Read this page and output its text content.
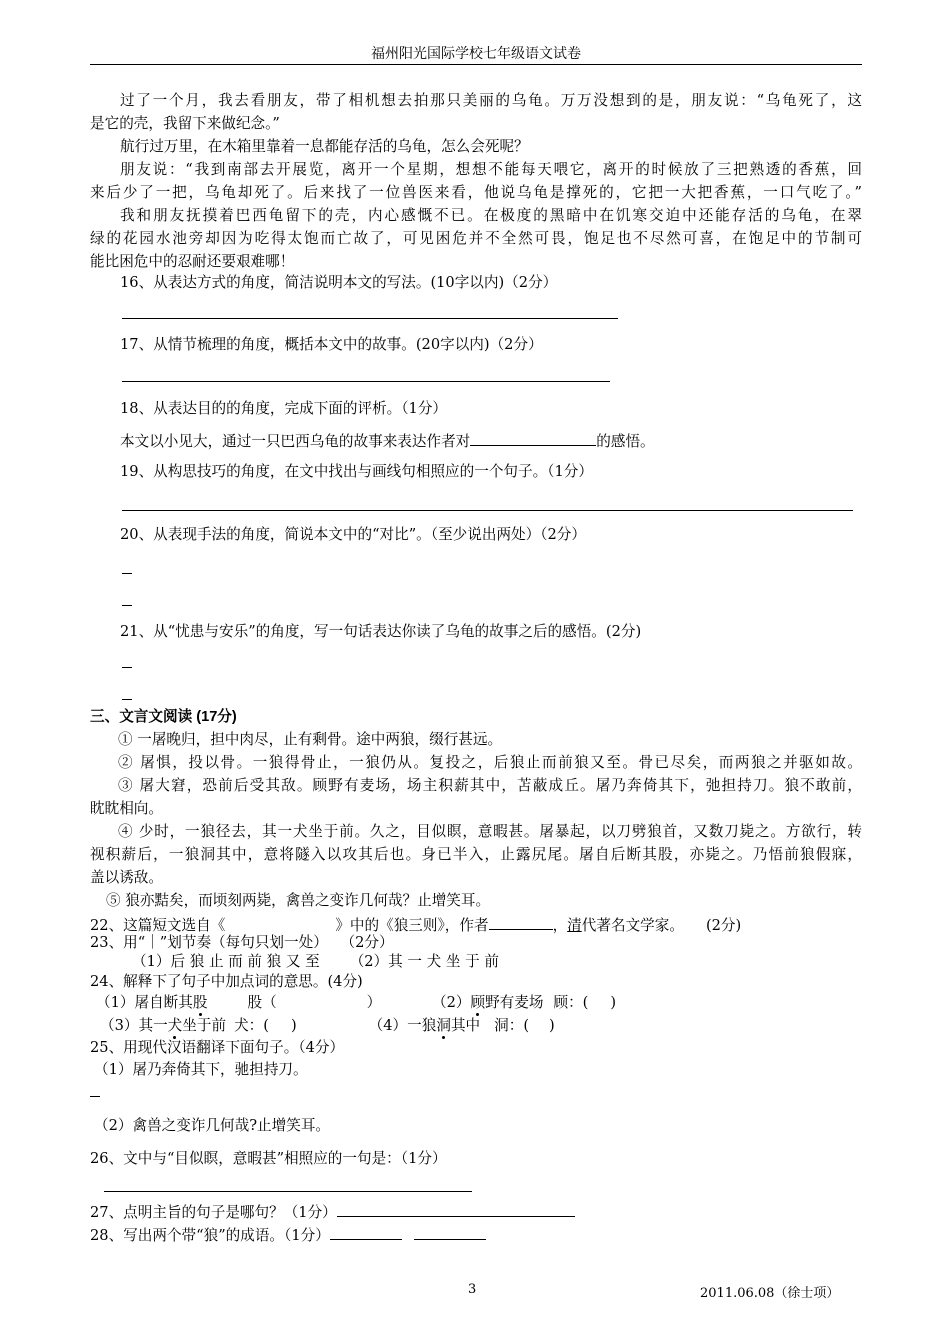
福州阳光国际学校七年级语文试卷
过了一个月，我去看朋友，带了相机想去拍那只美丽的乌龟。万万没想到的是，朋友说：“乌龟死了，这
是它的壳，我留下来做纪念。”
航行过万里，在木箱里靠着一息都能存活的乌龟，怎么会死呢？
朋友说：“我到南部去开展览，离开一个星期，想想不能每天喂它，离开的时候放了三把熟透的香蕉，回
来后少了一把，乌龟却死了。后来找了一位兽医来看，他说乌龟是撑死的，它把一大把香蕉，一口气吃了。”
我和朋友抚摸着巴西龟留下的壳，内心感慨不已。在极度的黑暗中在饥寒交迫中还能存活的乌龟，在翠
绿的花园水池旁却因为吃得太饱而亡故了，可见困危并不全然可畏，饱足也不尽然可喜，在饱足中的节制可
能比困危中的忍耐还要艰难哪！
16、从表达方式的角度，简洁说明本文的写法。(10字以内)（2分）
17、从情节梳理的角度，概括本文中的故事。(20字以内)（2分）
18、从表达目的的角度，完成下面的评析。（1分）
本文以小见大，通过一只巴西乌龟的故事来表达作者对	的感悟。
19、从构思技巧的角度，在文中找出与画线句相照应的一个句子。（1分）
20、从表现手法的角度，简说本文中的“对比”。（至少说出两处）（2分）
21、从“忧患与安乐”的角度，写一句话表达你读了乌龟的故事之后的感悟。(2分)
三、文言文阅读 (17分)
① 一屠晚归，担中肉尽，止有剩骨。途中两狼，缀行甚远。
② 屠惧，投以骨。一狼得骨止，一狼仍从。复投之，后狼止而前狼又至。骨已尽矣，而两狼之并驱如故。
③ 屠大窘，恐前后受其敌。顾野有麦场，场主积薪其中，苫蔽成丘。屠乃奔倚其下，弛担持刀。狼不敢前，
眈眈相向。
④ 少时，一狼径去，其一犬坐于前。久之，目似瞑，意暇甚。屠暴起，以刀劈狼首，又数刀毙之。方欲行，转
视积薪后，一狼洞其中，意将隧入以攻其后也。身已半入，止露尻尾。屠自后断其股，亦毙之。乃悟前狼假寐，
盖以诱敌。
⑤ 狼亦黠矣，而顷刻两毙，禽兽之变诈几何哉？止增笑耳。
22、这篇短文选自《	》中的《狼三则》，作者	，清代著名文学家。 (2分)
23、用“｜”划节奏（每句只划一处） （2分）
（1）后 狼 止 而 前 狼 又 至 （2）其 一 犬 坐 于 前
24、解释下了句子中加点词的意思。(4分)
（1）屠自断其股	股（	）	（2）顾野有麦场 顾：( )
（3）其一犬坐于前 犬：( )	（4）一狼洞其中 洞：( )
25、用现代汉语翻译下面句子。（4分）
（1）屠乃奔倚其下，驰担持刀。
（2）禽兽之变诈几何哉?止增笑耳。
26、文中与“目似瞑，意暇甚”相照应的一句是：（1分）
27、点明主旨的句子是哪句？（1分）
28、写出两个带“狼”的成语。（1分）
3	2011.06.08（徐士项）
